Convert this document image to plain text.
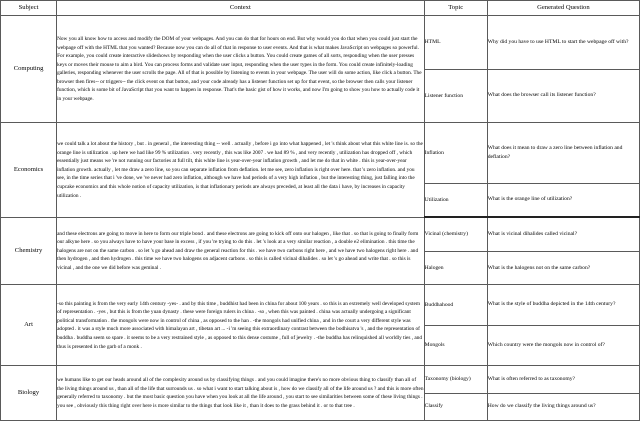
Subject	Context	Topic	Generated Question
Computing	Now you all know how to access and modify the DOM of your webpages. And you can do that for hours on end. But why would you do that when you could just start the webpage off with the HTML that you wanted? Because now you can do all of that in response to user events. And that is what makes JavaScript on webpages so powerful. For example, you could create interactive slideshows by responding when the user clicks a button. You could create games of all sorts, responding when the user presses keys or moves their mouse to aim a bird. You can process forms and validate user input, responding when the user types in the form. You could create infinitely-loading galleries, responding whenever the user scrolls the page. All of that is possible by listening to events in your webpage. The user will do some action, like click a button. The browser then fires-- or triggers-- the click event on that button, and your code already has a listener function set up for that event, so the browser then calls your listener function, which is some bit of JavaScript that you want to happen in response. That's the basic gist of how it works, and now I'm going to show you how to actually code it in your webpage.	HTML	Why did you have to use HTML to start the webpage off with?
		Listener function	What does the browser call its listener function?
Economics	we could talk a lot about the history , but . in general , the interesting thing -- well . actually , before i go into what happened , let 's think about what this white line is. so the orange line is utilization . up here we had like 99 % utilization . very recently , this was like 2007 . we had 89 % , and very recently , utilization has dropped off , which essentially just means we 're not running our factories at full tilt, this white line is year-over-year inflation growth , and let me do that in white . this is year-over-year inflation growth. actually , let me draw a zero line, so you can separate inflation from deflation. let me see, zero inflation is right over here. that 's zero inflation. and you see, in the time series that i 've done, we 've never had zero inflation, although we have had periods of a very high inflation , but the interesting thing, just falling into the cupcake economics and this whole notion of capacity utilization, is that inflationary periods are always preceded, at least all the data i have, by increases in capacity utilization .	Inflation	What does it mean to draw a zero line between inflation and deflation?
		Utilization	What is the orange line of utilization?
Chemistry	and these electrons are going to move in here to form our triple bond . and these electrons are going to kick off onto our halogen , like that . so that is going to finally form our alkyne here . so you always have to have your base in excess , if you 're trying to do this . let 's look at a very similar reaction , a double e2 elimination . this time the halogens are not on the same carbon . so let 's go ahead and draw the general reaction for this . we have two carbons right here , and we have two halogens right here . and then hydrogen , and then hydrogen . this time we have two halogens on adjacent carbons . so this is called vicinal dihalides . so let 's go ahead and write that . so this is vicinal , and the one we did before was geminal .	Vicinal (chemistry)	What is vicinal dihalides called vicinal?
		Halogen	What is the halogens not on the same carbon?
Art	-so this painting is from the very early 14th century -yes- . and by this time , buddhist had been in china for about 100 years . so this is an extremely well developed system of representation . -yes , but this is from the yuan dynasty . these were foreign rulers in china . -so , when this was painted . china was actually undergoing a significant political transformation . the mongols were now in control of china , as opposed to the han . -the mongols had unified china , and in the court a very different style was adopted . it was a style much more associated with himalayan art , tibetan art ... -i 'm seeing this extraordinary contrast between the bodhisatva 's , and the representation of buddha . buddha seem so spare . it seems to be a very restrained style , as opposed to this dense costume , full of jewelry . -the buddha has relinquished all worldly ties , and thus is presented in the garb of a monk .	Buddhahood	What is the style of buddha depicted in the 14th century?
		Mongols	Which country were the mongols now in control of?
Biology	we humans like to get our heads around all of the complexity around us by classifying things . and you could imagine there's no more obvious thing to classify than all of the living things around us , than all of the life that surrounds us . so what i want to start talking about is , how do we classify all of the life around us ? and this is more often generally referred to taxonomy . but the most basic question you have when you look at all the life around , you start to see similarities between some of these living things . you see , obviously this thing right over here is more similar to the things that look like it , than it does to the grass behind it . or to that tree .	Taxonomy (biology)	What is often referred to as taxonomy?
		Classify	How do we classify the living things around us?
